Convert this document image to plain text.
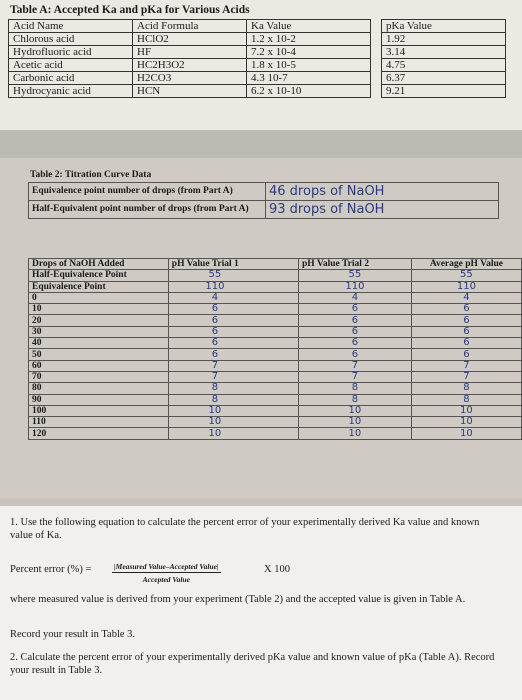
Table A: Accepted Ka and pKa for Various Acids
Acid Name	Acid Formula	Ka Value		pKa Value
Chlorous acid	HClO2	1.2 x 10-2		1.92
Hydrofluoric acid	HF	7.2 x 10-4		3.14
Acetic acid	HC2H3O2	1.8 x 10-5		4.75
Carbonic acid	H2CO3	4.3 10-7		6.37
Hydrocyanic acid	HCN	6.2 x 10-10		9.21
Table 2: Titration Curve Data
Equivalence point number of drops (from Part A)	46 drops of NaOH
Half-Equivalent point number of drops (from Part A)	93 drops of NaOH
Drops of NaOH Added	pH Value Trial 1	pH Value Trial 2	Average pH Value
Half-Equivalence Point	55	55	55
Equivalence Point	110	110	110
0	4	4	4
10	6	6	6
20	6	6	6
30	6	6	6
40	6	6	6
50	6	6	6
60	7	7	7
70	7	7	7
80	8	8	8
90	8	8	8
100	10	10	10
110	10	10	10
120	10	10	10
1. Use the following equation to calculate the percent error of your experimentally derived Ka value and known value of Ka.
Percent error (%) =	|Measured Value–Accepted Value|
Accepted Value
X 100
where measured value is derived from your experiment (Table 2) and the accepted value is given in Table A.
Record your result in Table 3.
2. Calculate the percent error of your experimentally derived pKa value and known value of pKa (Table A). Record your result in Table 3.
